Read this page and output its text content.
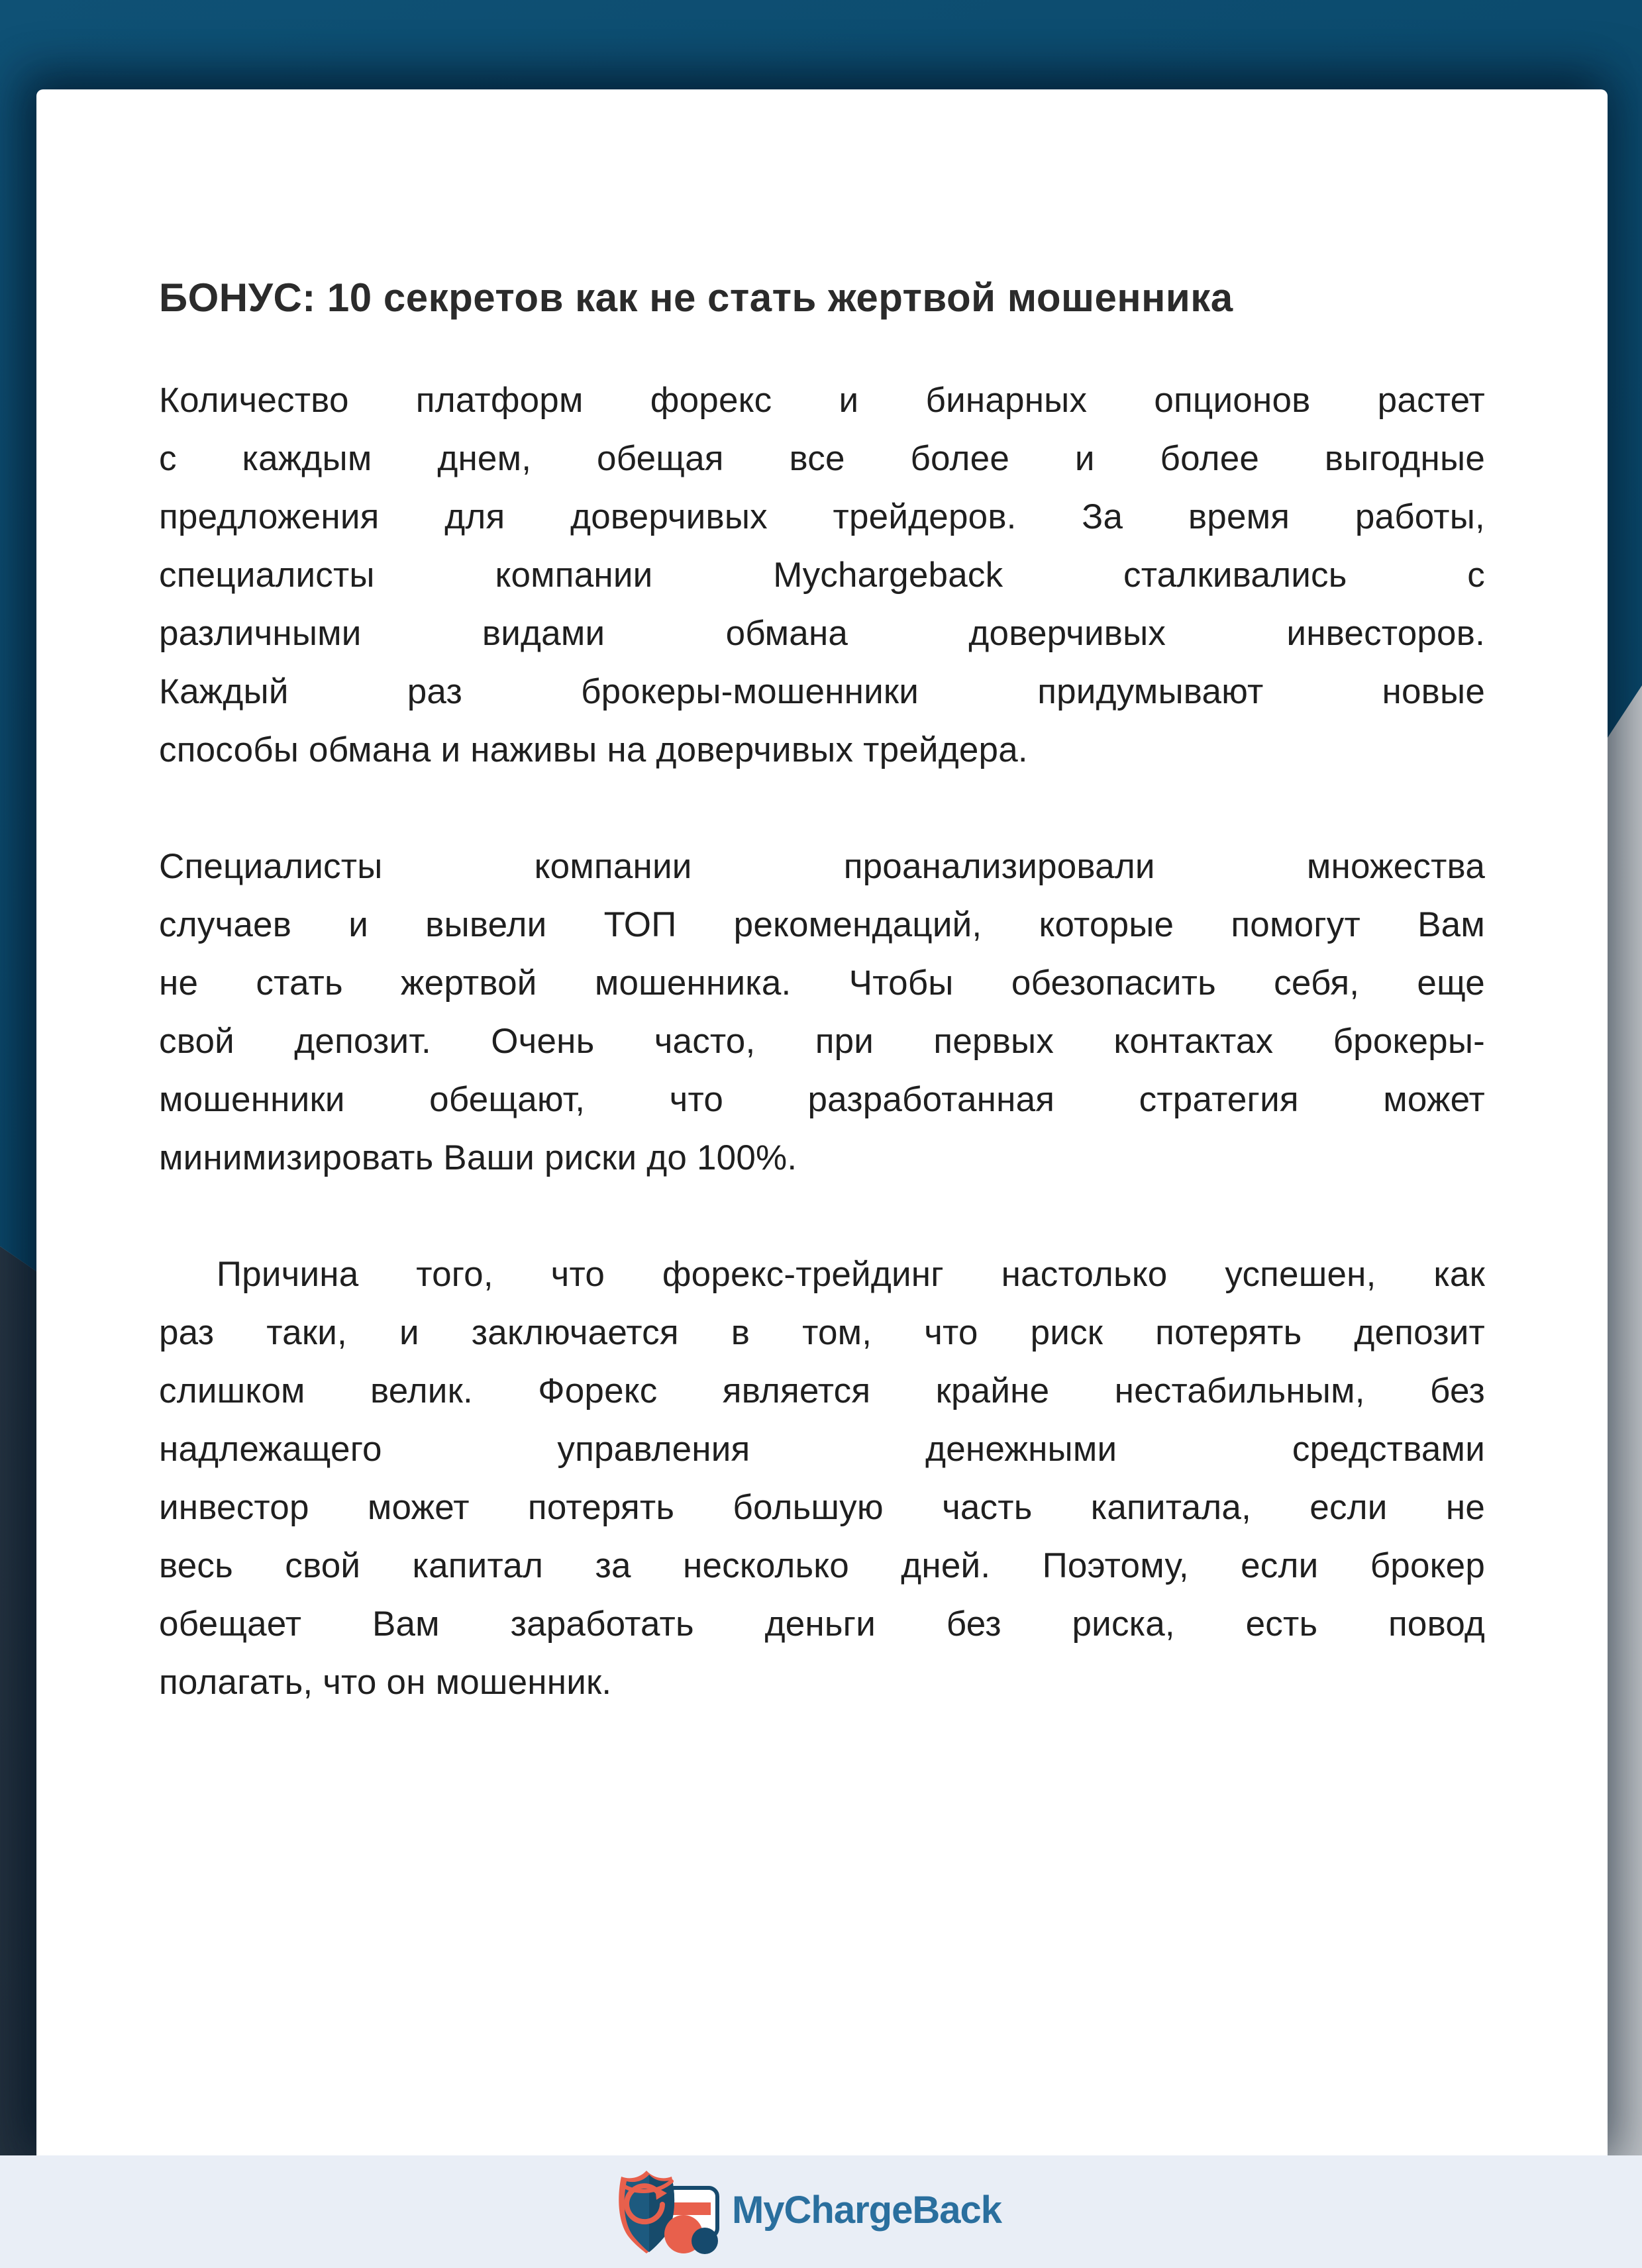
БОНУС: 10 секретов как не стать жертвой мошенника
Количество платформ форекс и бинарных опционов растет
с каждым днем, обещая все более и более выгодные
предложения для доверчивых трейдеров. За время работы,
специалисты компании Mychargeback сталкивались с
различными видами обмана доверчивых инвесторов.
Каждый раз брокеры-мошенники придумывают новые
способы обмана и наживы на доверчивых трейдера.
Специалисты компании проанализировали множества
случаев и вывели ТОП рекомендаций, которые помогут Вам
не стать жертвой мошенника. Чтобы обезопасить себя, еще
свой депозит. Очень часто, при первых контактах брокеры-
мошенники обещают, что разработанная стратегия может
минимизировать Ваши риски до 100%.
Причина того, что форекс-трейдинг настолько успешен, как
раз таки, и заключается в том, что риск потерять депозит
слишком велик. Форекс является крайне нестабильным, без
надлежащего управления денежными средствами
инвестор может потерять большую часть капитала, если не
весь свой капитал за несколько дней. Поэтому, если брокер
обещает Вам заработать деньги без риска, есть повод
полагать, что он мошенник.
MyChargeBack
